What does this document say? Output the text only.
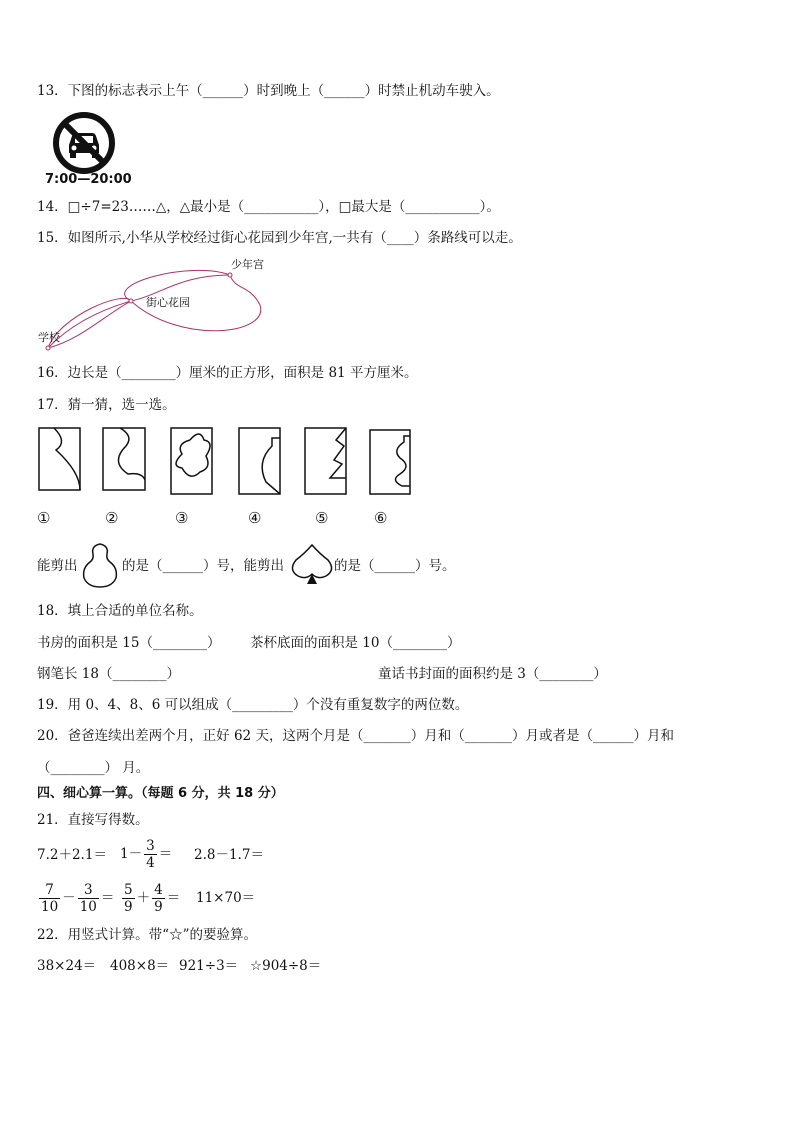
13．下图的标志表示上午（______）时到晚上（______）时禁止机动车驶入。
7:00—20:00
14．□÷7=23……△，△最小是（___________），□最大是（___________）。
15．如图所示,小华从学校经过街心花园到少年宫,一共有（____）条路线可以走。
少年宫
街心花园
学校
16．边长是（________）厘米的正方形，面积是 81 平方厘米。
17．猜一猜，选一选。
①	②	③	④	⑤	⑥
能剪出	的是（______）号，能剪出	的是（______）号。
18．填上合适的单位名称。
书房的面积是 15（________） 茶杯底面的面积是 10（________）
钢笔长 18（________）	童话书封面的面积约是 3（________）
19．用 0、4、8、6 可以组成（_________）个没有重复数字的两位数。
20．爸爸连续出差两个月，正好 62 天，这两个月是（_______）月和（_______）月或者是（______）月和
（________） 月。
四、细心算一算。（每题 6 分，共 18 分）
21．直接写得数。
$7.2+2.1= 1- \frac{3}{4} = 2.8-1.7=$
$\frac{7}{10} - \frac{3}{10} = \frac{5}{9} + \frac{4}{9} = 11\times 70=$
22．用竖式计算。带“☆”的要验算。
38×24＝ 408×8＝ 921÷3＝ ☆904÷8＝
